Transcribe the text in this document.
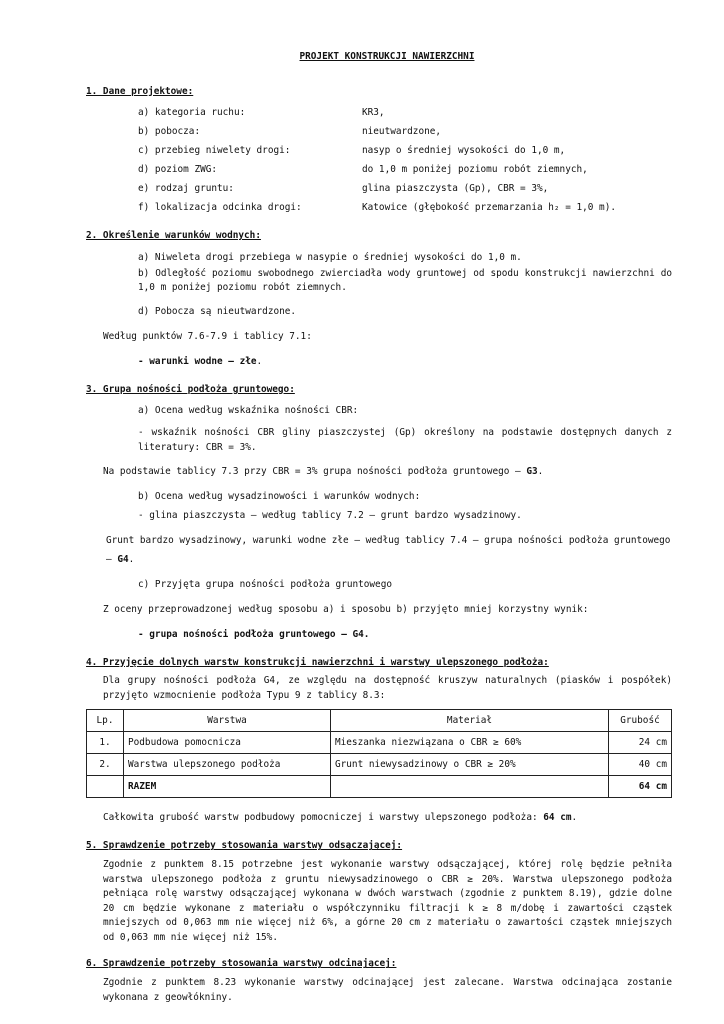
PROJEKT KONSTRUKCJI NAWIERZCHNI
1. Dane projektowe:
a) kategoria ruchu:	KR3,
b) pobocza:	nieutwardzone,
c) przebieg niwelety drogi:	nasyp o średniej wysokości do 1,0 m,
d) poziom ZWG:	do 1,0 m poniżej poziomu robót ziemnych,
e) rodzaj gruntu:	glina piaszczysta (Gp), CBR = 3%,
f) lokalizacja odcinka drogi:	Katowice (głębokość przemarzania h₂ = 1,0 m).
2. Określenie warunków wodnych:

a) Niweleta drogi przebiega w nasypie o średniej wysokości do 1,0 m.

b) Odległość poziomu swobodnego zwierciadła wody gruntowej od spodu konstrukcji nawierzchni do 1,0 m poniżej poziomu robót ziemnych.

d) Pobocza są nieutwardzone.

Według punktów 7.6-7.9 i tablicy 7.1:

- warunki wodne – złe.

3. Grupa nośności podłoża gruntowego:

a) Ocena według wskaźnika nośności CBR:

- wskaźnik nośności CBR gliny piaszczystej (Gp) określony na podstawie dostępnych danych z literatury: CBR = 3%.

Na podstawie tablicy 7.3 przy CBR = 3% grupa nośności podłoża gruntowego – G3.

b) Ocena według wysadzinowości i warunków wodnych:

- glina piaszczysta – według tablicy 7.2 – grunt bardzo wysadzinowy.

Grunt bardzo wysadzinowy, warunki wodne złe – według tablicy 7.4 – grupa nośności podłoża gruntowego – G4.

c) Przyjęta grupa nośności podłoża gruntowego

Z oceny przeprowadzonej według sposobu a) i sposobu b) przyjęto mniej korzystny wynik:

- grupa nośności podłoża gruntowego – G4.

4. Przyjęcie dolnych warstw konstrukcji nawierzchni i warstwy ulepszonego podłoża:

Dla grupy nośności podłoża G4, ze względu na dostępność kruszyw naturalnych (piasków i pospółek) przyjęto wzmocnienie podłoża Typu 9 z tablicy 8.3:

Lp.	Warstwa	Materiał	Grubość
1.	Podbudowa pomocnicza	Mieszanka niezwiązana o CBR ≥ 60%	24 cm
2.	Warstwa ulepszonego podłoża	Grunt niewysadzinowy o CBR ≥ 20%	40 cm
	RAZEM		64 cm

Całkowita grubość warstw podbudowy pomocniczej i warstwy ulepszonego podłoża: 64 cm.

5. Sprawdzenie potrzeby stosowania warstwy odsączającej:

Zgodnie z punktem 8.15 potrzebne jest wykonanie warstwy odsączającej, której rolę będzie pełniła warstwa ulepszonego podłoża z gruntu niewysadzinowego o CBR ≥ 20%. Warstwa ulepszonego podłoża pełniąca rolę warstwy odsączającej wykonana w dwóch warstwach (zgodnie z punktem 8.19), gdzie dolne 20 cm będzie wykonane z materiału o współczynniku filtracji k ≥ 8 m/dobę i zawartości cząstek mniejszych od 0,063 mm nie więcej niż 6%, a górne 20 cm z materiału o zawartości cząstek mniejszych od 0,063 mm nie więcej niż 15%.

6. Sprawdzenie potrzeby stosowania warstwy odcinającej:

Zgodnie z punktem 8.23 wykonanie warstwy odcinającej jest zalecane. Warstwa odcinająca zostanie wykonana z geowłókniny.
